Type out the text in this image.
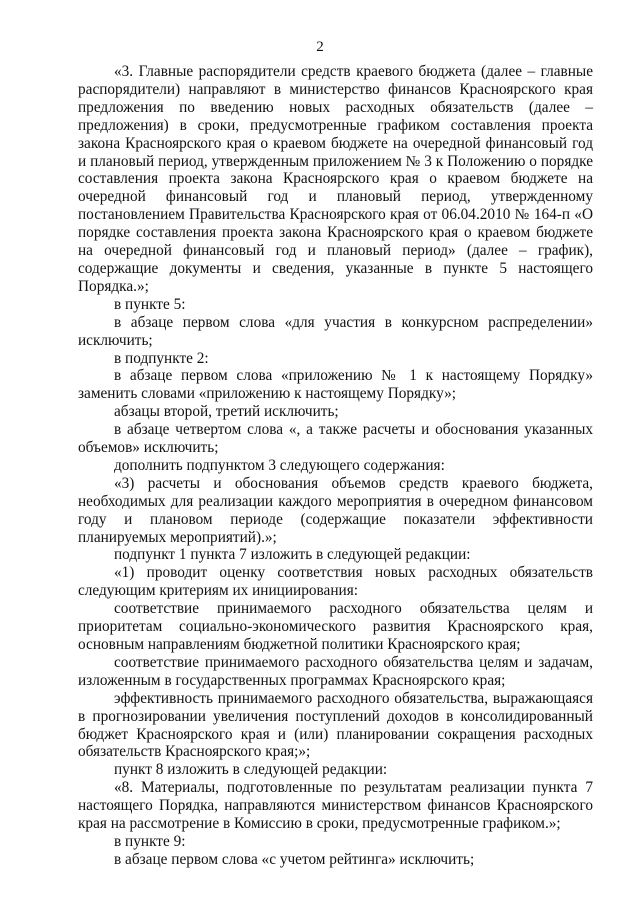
2

«3. Главные распорядители средств краевого бюджета (далее – главные распорядители) направляют в министерство финансов Красноярского края предложения по введению новых расходных обязательств (далее – предложения) в сроки, предусмотренные графиком составления проекта закона Красноярского края о краевом бюджете на очередной финансовый год и плановый период, утвержденным приложением № 3 к Положению о порядке составления проекта закона Красноярского края о краевом бюджете на очередной финансовый год и плановый период, утвержденному постановлением Правительства Красноярского края от 06.04.2010 № 164-п «О порядке составления проекта закона Красноярского края о краевом бюджете на очередной финансовый год и плановый период» (далее – график), содержащие документы и сведения, указанные в пункте 5 настоящего Порядка.»;

в пункте 5:

в абзаце первом слова «для участия в конкурсном распределении» исключить;

в подпункте 2:

в абзаце первом слова «приложению № 1 к настоящему Порядку» заменить словами «приложению к настоящему Порядку»;

абзацы второй, третий исключить;

в абзаце четвертом слова «, а также расчеты и обоснования указанных объемов» исключить;

дополнить подпунктом 3 следующего содержания:

«3) расчеты и обоснования объемов средств краевого бюджета, необходимых для реализации каждого мероприятия в очередном финансовом году и плановом периоде (содержащие показатели эффективности планируемых мероприятий).»;

подпункт 1 пункта 7 изложить в следующей редакции:

«1) проводит оценку соответствия новых расходных обязательств следующим критериям их инициирования:

соответствие принимаемого расходного обязательства целям и приоритетам социально-экономического развития Красноярского края, основным направлениям бюджетной политики Красноярского края;

соответствие принимаемого расходного обязательства целям и задачам, изложенным в государственных программах Красноярского края;

эффективность принимаемого расходного обязательства, выражающаяся в прогнозировании увеличения поступлений доходов в консолидированный бюджет Красноярского края и (или) планировании сокращения расходных обязательств Красноярского края;»;

пункт 8 изложить в следующей редакции:

«8. Материалы, подготовленные по результатам реализации пункта 7 настоящего Порядка, направляются министерством финансов Красноярского края на рассмотрение в Комиссию в сроки, предусмотренные графиком.»;

в пункте 9:

в абзаце первом слова «с учетом рейтинга» исключить;
